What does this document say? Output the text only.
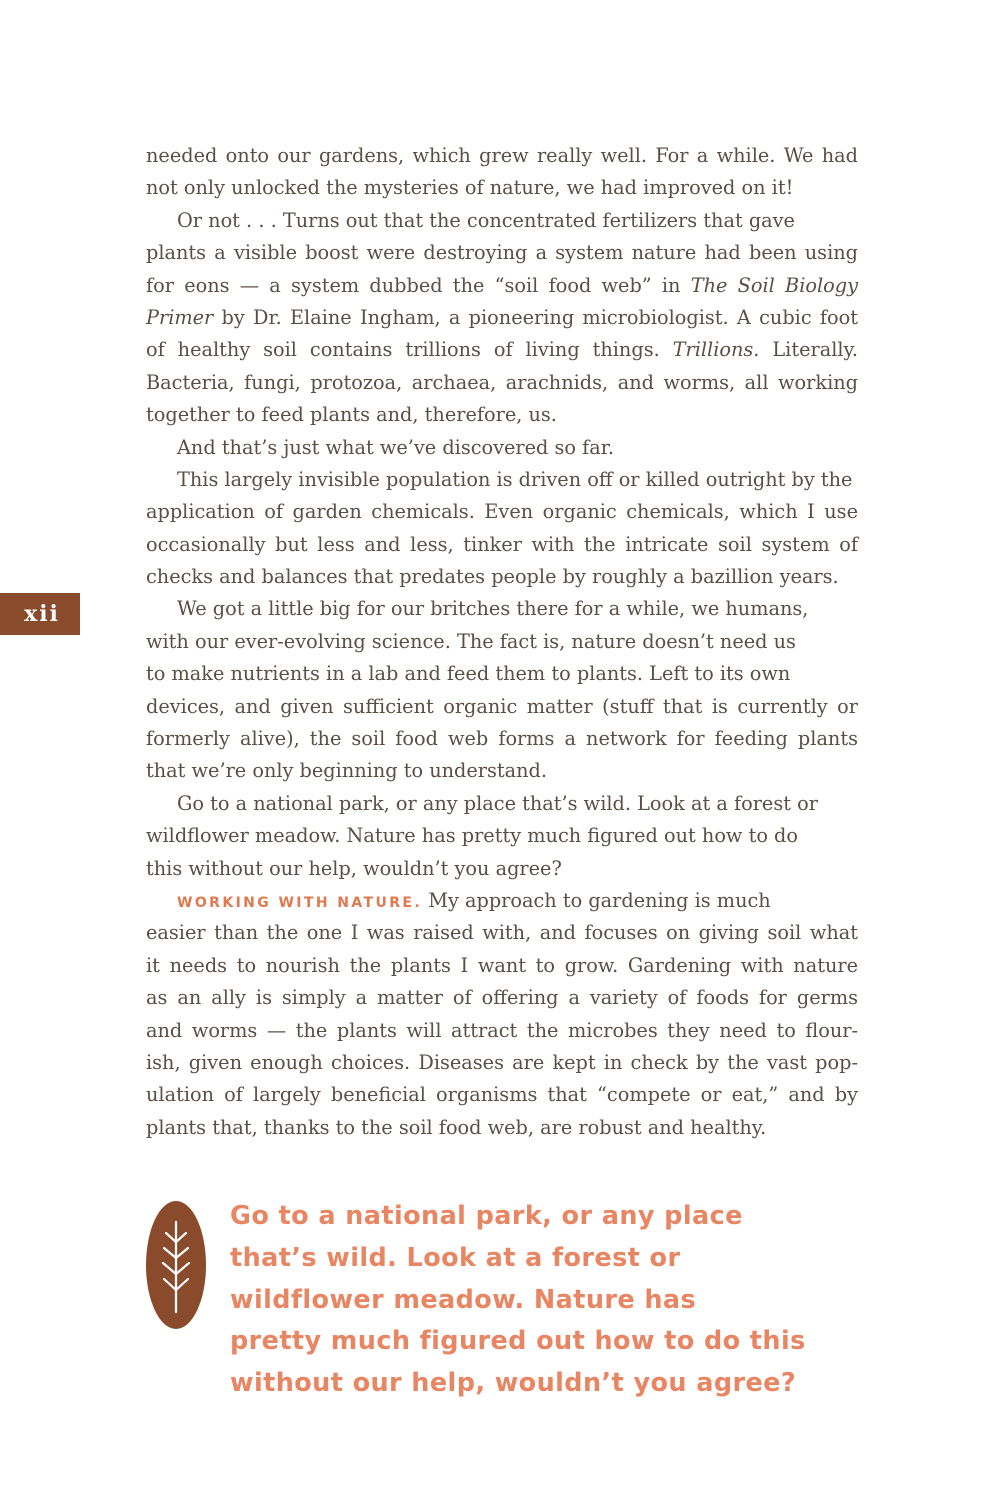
xii
needed onto our gardens, which grew really well. For a while. We had
not only unlocked the mysteries of nature, we had improved on it!
Or not . . . Turns out that the concentrated fertilizers that gave
plants a visible boost were destroying a system nature had been using
for eons — a system dubbed the “soil food web” in The Soil Biology
Primer by Dr. Elaine Ingham, a pioneering microbiologist. A cubic foot
of healthy soil contains trillions of living things. Trillions. Literally.
Bacteria, fungi, protozoa, archaea, arachnids, and worms, all working
together to feed plants and, therefore, us.
And that’s just what we’ve discovered so far.
This largely invisible population is driven off or killed outright by the
application of garden chemicals. Even organic chemicals, which I use
occasionally but less and less, tinker with the intricate soil system of
checks and balances that predates people by roughly a bazillion years.
We got a little big for our britches there for a while, we humans,
with our ever-evolving science. The fact is, nature doesn’t need us
to make nutrients in a lab and feed them to plants. Left to its own
devices, and given sufficient organic matter (stuff that is currently or
formerly alive), the soil food web forms a network for feeding plants
that we’re only beginning to understand.
Go to a national park, or any place that’s wild. Look at a forest or
wildflower meadow. Nature has pretty much figured out how to do
this without our help, wouldn’t you agree?
WORKING WITH NATURE. My approach to gardening is much
easier than the one I was raised with, and focuses on giving soil what
it needs to nourish the plants I want to grow. Gardening with nature
as an ally is simply a matter of offering a variety of foods for germs
and worms — the plants will attract the microbes they need to flour-
ish, given enough choices. Diseases are kept in check by the vast pop-
ulation of largely beneficial organisms that “compete or eat,” and by
plants that, thanks to the soil food web, are robust and healthy.
Go to a national park, or any place
that’s wild. Look at a forest or
wildflower meadow. Nature has
pretty much figured out how to do this
without our help, wouldn’t you agree?
